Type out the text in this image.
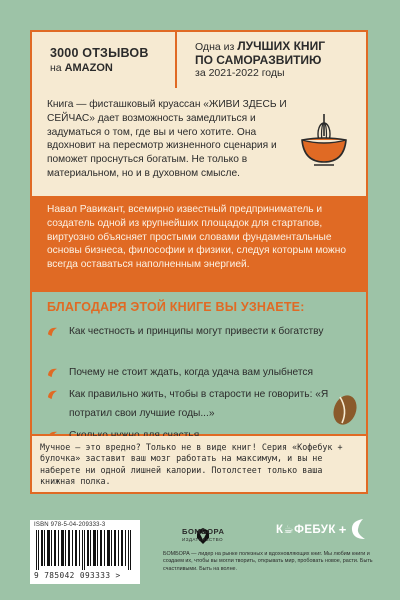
3000 ОТЗЫВОВ
на AMAZON
Одна из ЛУЧШИХ КНИГ
ПО САМОРАЗВИТИЮ
за 2021-2022 годы
Книга — фисташковый круассан «ЖИВИ ЗДЕСЬ И СЕЙЧАС» дает возможность замедлиться и задуматься о том, где вы и чего хотите. Она вдохновит на пересмотр жизненного сценария и поможет проснуться богатым. Не только в материальном, но и в духовном смысле.
Навал Равикант, всемирно известный предприниматель и создатель одной из крупнейших площадок для стартапов, виртуозно объясняет простыми словами фундаментальные основы бизнеса, философии и физики, следуя которым можно всегда оставаться наполненным энергией.
БЛАГОДАРЯ ЭТОЙ КНИГЕ ВЫ УЗНАЕТЕ:
Как честность и принципы могут привести к богатству
Почему не стоит ждать, когда удача вам улыбнется
Как правильно жить, чтобы в старости не говорить: «Я потратил свои лучшие годы...»
Мучное — это вредно? Только не в виде книг! Серия «Кофебук + булочка» заставит ваш мозг работать на максимум, и вы не наберете ни одной лишней калории. Потолстеет только ваша книжная полка.
ISBN 978-5-04-209333-3
9 785042 093333 >
БОМБОРА
ИЗДАТЕЛЬСТВО
БОМБОРА — лидер на рынке полезных и вдохновляющих книг. Мы любим книги и создаем их, чтобы вы могли творить, открывать мир, пробовать новое, расти. Быть счастливыми. Быть на волне.
К☕ФЕБУК +
